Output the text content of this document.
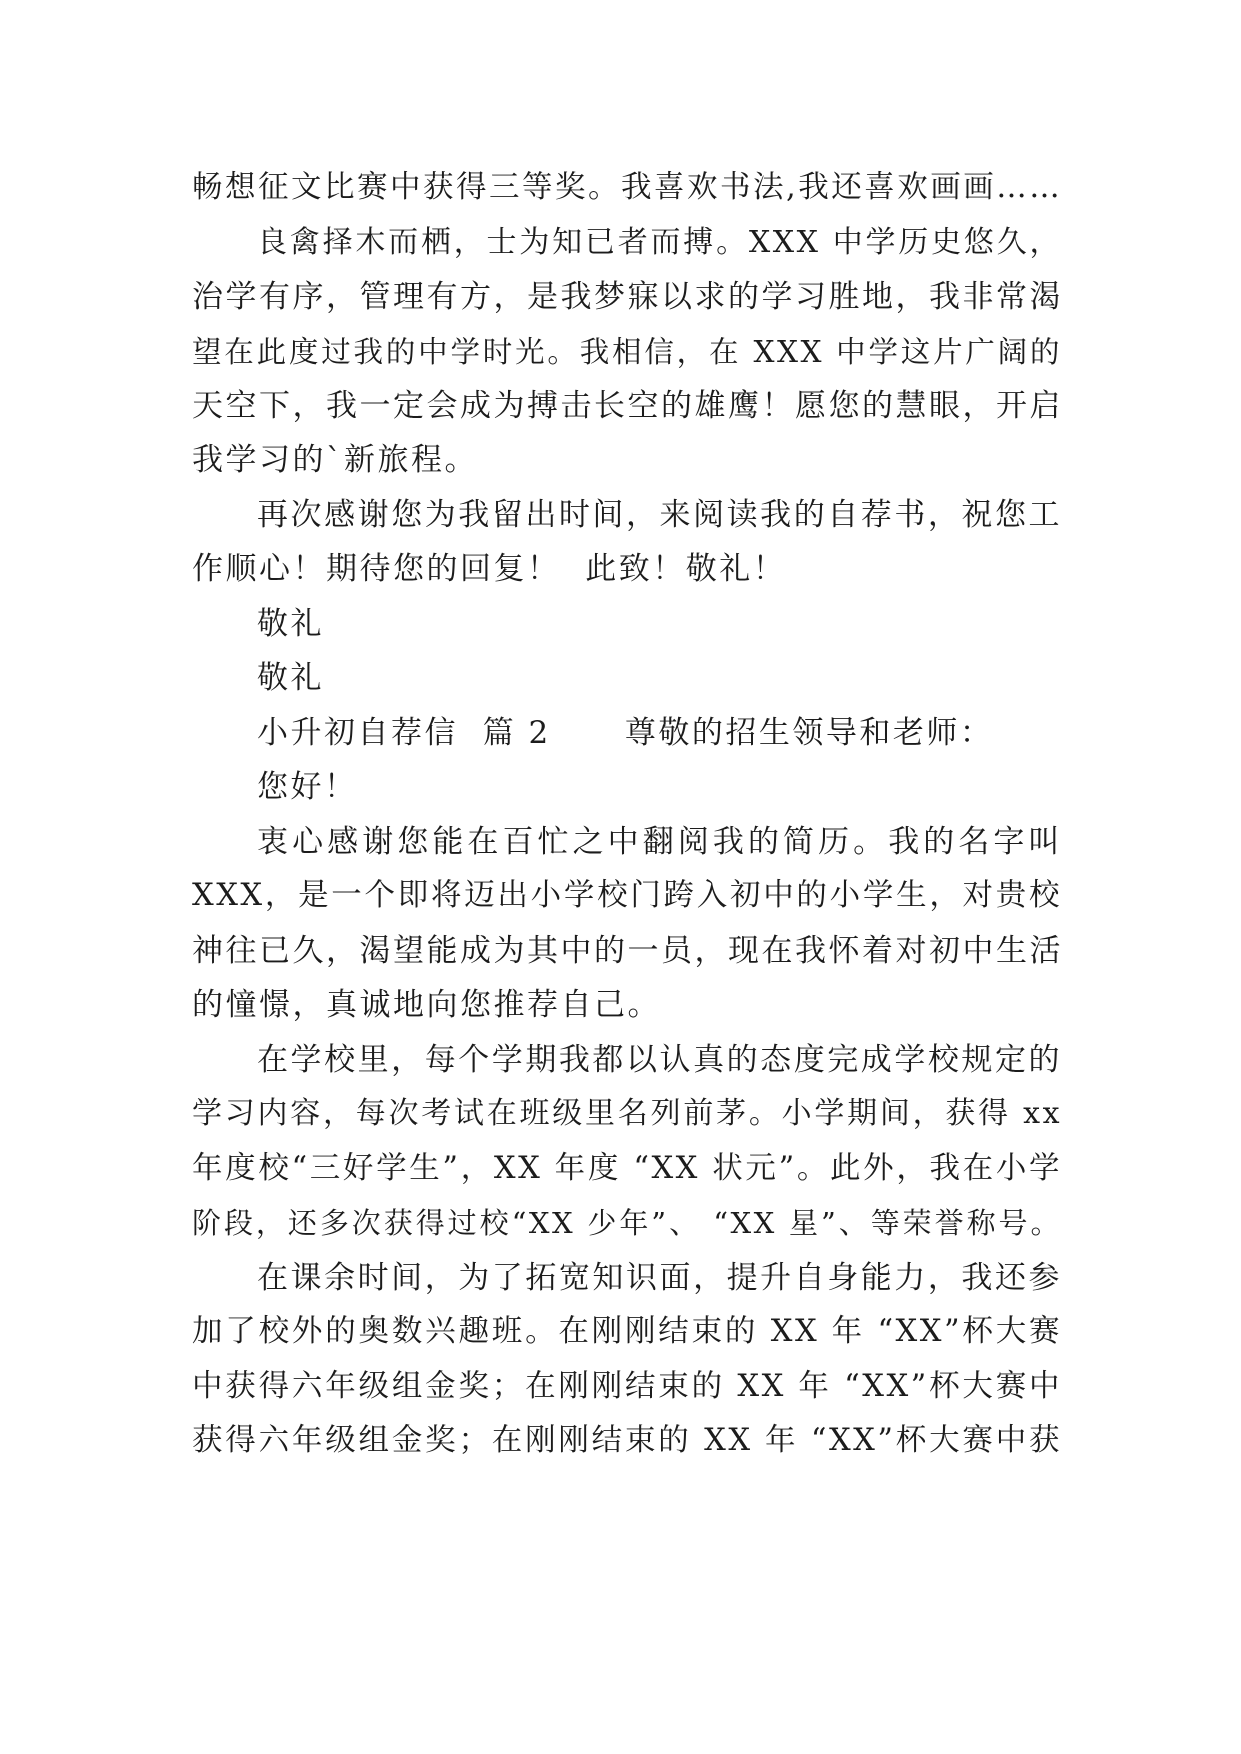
畅想征文比赛中获得三等奖。我喜欢书法,我还喜欢画画……
良禽择木而栖，士为知已者而搏。XXX 中学历史悠久，
治学有序，管理有方，是我梦寐以求的学习胜地，我非常渴
望在此度过我的中学时光。我相信，在 XXX 中学这片广阔的
天空下，我一定会成为搏击长空的雄鹰！愿您的慧眼，开启
我学习的`新旅程。
再次感谢您为我留出时间，来阅读我的自荐书，祝您工
作顺心！期待您的回复！  此致！敬礼！
敬礼
敬礼
小升初自荐信  篇 2      尊敬的招生领导和老师：
您好！
衷心感谢您能在百忙之中翻阅我的简历。我的名字叫
XXX，是一个即将迈出小学校门跨入初中的小学生，对贵校
神往已久，渴望能成为其中的一员，现在我怀着对初中生活
的憧憬，真诚地向您推荐自己。
在学校里，每个学期我都以认真的态度完成学校规定的
学习内容，每次考试在班级里名列前茅。小学期间，获得 xx
年度校“三好学生”，XX 年度 “XX 状元”。此外，我在小学
阶段，还多次获得过校“XX 少年”、 “XX 星”、等荣誉称号。
在课余时间，为了拓宽知识面，提升自身能力，我还参
加了校外的奥数兴趣班。在刚刚结束的 XX 年 “XX”杯大赛
中获得六年级组金奖；在刚刚结束的 XX 年 “XX”杯大赛中
获得六年级组金奖；在刚刚结束的 XX 年 “XX”杯大赛中获
